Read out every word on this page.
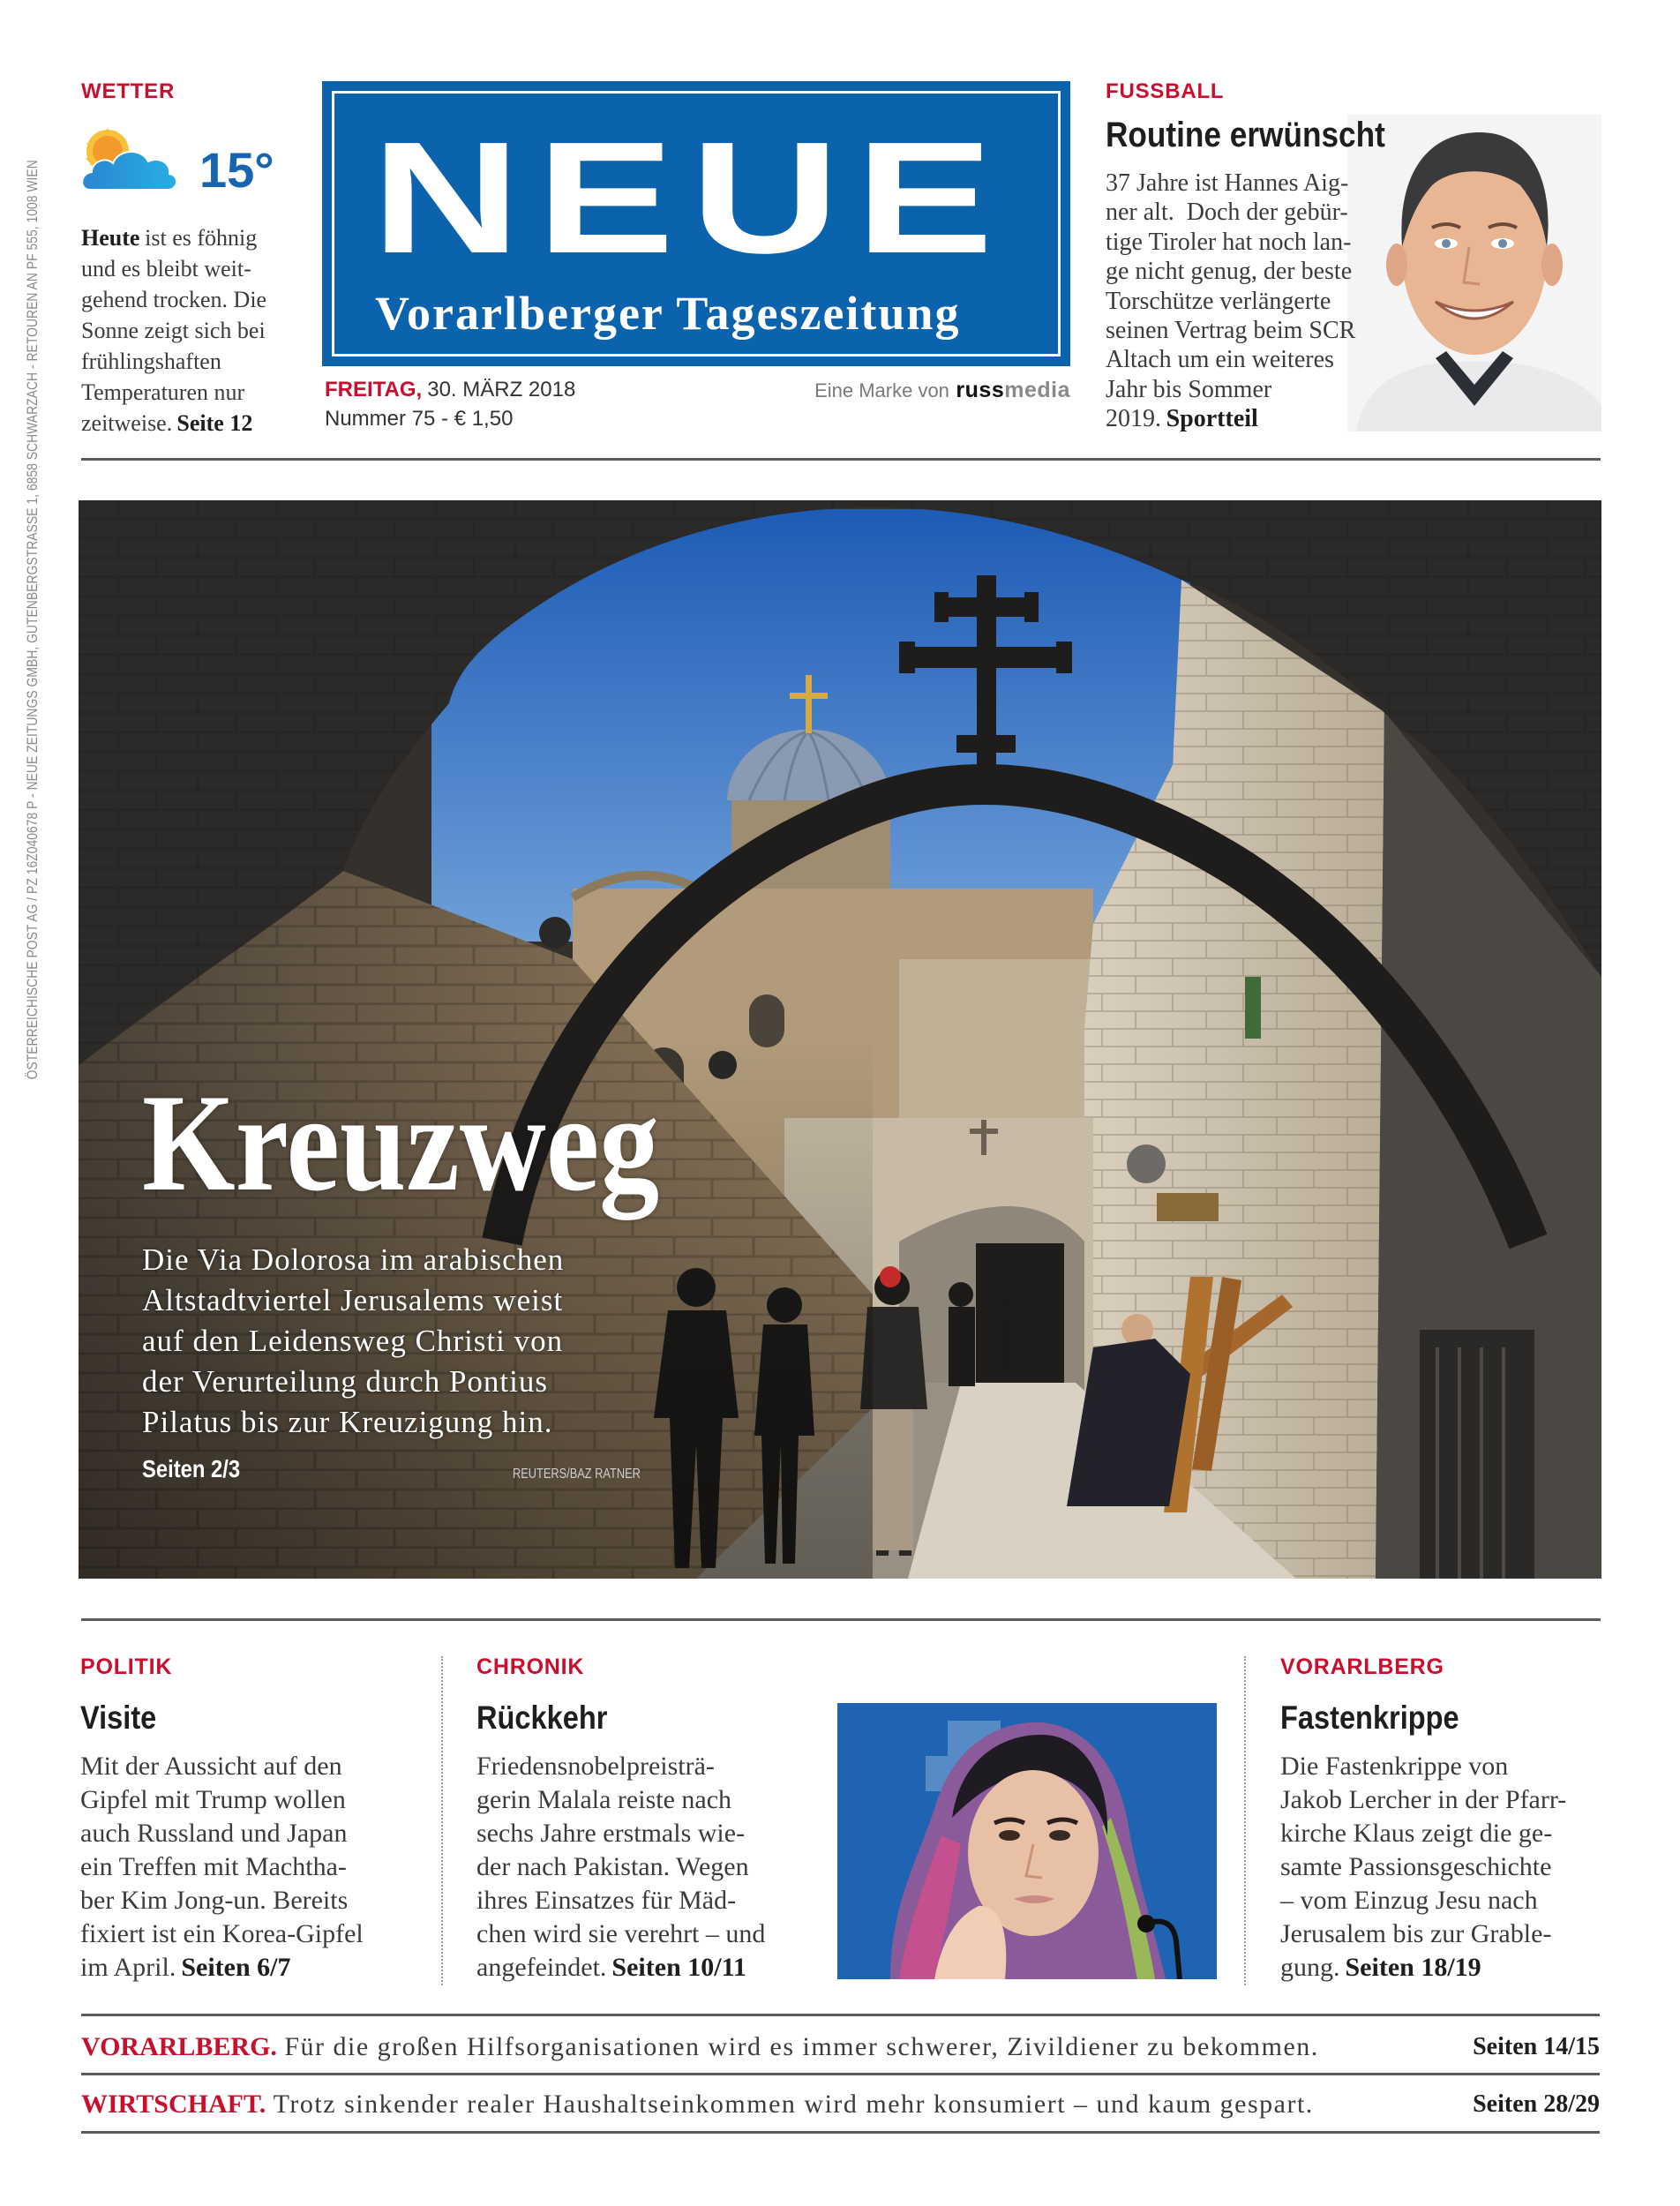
ÖSTERREICHISCHE POST AG / PZ 16Z040678 P - NEUE ZEITUNGS GMBH, GUTENBERGSTRASSE 1, 6858 SCHWARZACH - RETOUREN AN PF 555, 1008 WIEN
WETTER
15°

Heute ist es föhnig
und es bleibt weit-
gehend trocken. Die
Sonne zeigt sich bei
frühlingshaften
Temperaturen nur
zeitweise. Seite 12

NEUE
Vorarlberger Tageszeitung
FREITAG, 30. MÄRZ 2018
Nummer 75 - € 1,50
Eine Marke von russmedia
FUSSBALL
Routine erwünscht

37 Jahre ist Hannes Aig-
ner alt.  Doch der gebür-
tige Tiroler hat noch lan-
ge nicht genug, der beste
Torschütze verlängerte
seinen Vertrag beim SCR
Altach um ein weiteres
Jahr bis Sommer
2019. Sportteil

Kreuzweg

Die Via Dolorosa im arabischen
Altstadtviertel Jerusalems weist
auf den Leidensweg Christi von
der Verurteilung durch Pontius
Pilatus bis zur Kreuzigung hin.

Seiten 2/3	REUTERS/BAZ RATNER
POLITIK
Visite

Mit der Aussicht auf den
Gipfel mit Trump wollen
auch Russland und Japan
ein Treffen mit Machtha-
ber Kim Jong-un. Bereits
fixiert ist ein Korea-Gipfel
im April. Seiten 6/7

CHRONIK
Rückkehr

Friedensnobelpreisträ-
gerin Malala reiste nach
sechs Jahre erstmals wie-
der nach Pakistan. Wegen
ihres Einsatzes für Mäd-
chen wird sie verehrt – und
angefeindet. Seiten 10/11

VORARLBERG
Fastenkrippe

Die Fastenkrippe von
Jakob Lercher in der Pfarr-
kirche Klaus zeigt die ge-
samte Passionsgeschichte
– vom Einzug Jesu nach
Jerusalem bis zur Grable-
gung. Seiten 18/19

VORARLBERG. Für die großen Hilfsorganisationen wird es immer schwerer, Zivildiener zu bekommen.	Seiten 14/15
WIRTSCHAFT. Trotz sinkender realer Haushaltseinkommen wird mehr konsumiert – und kaum gespart.	Seiten 28/29
